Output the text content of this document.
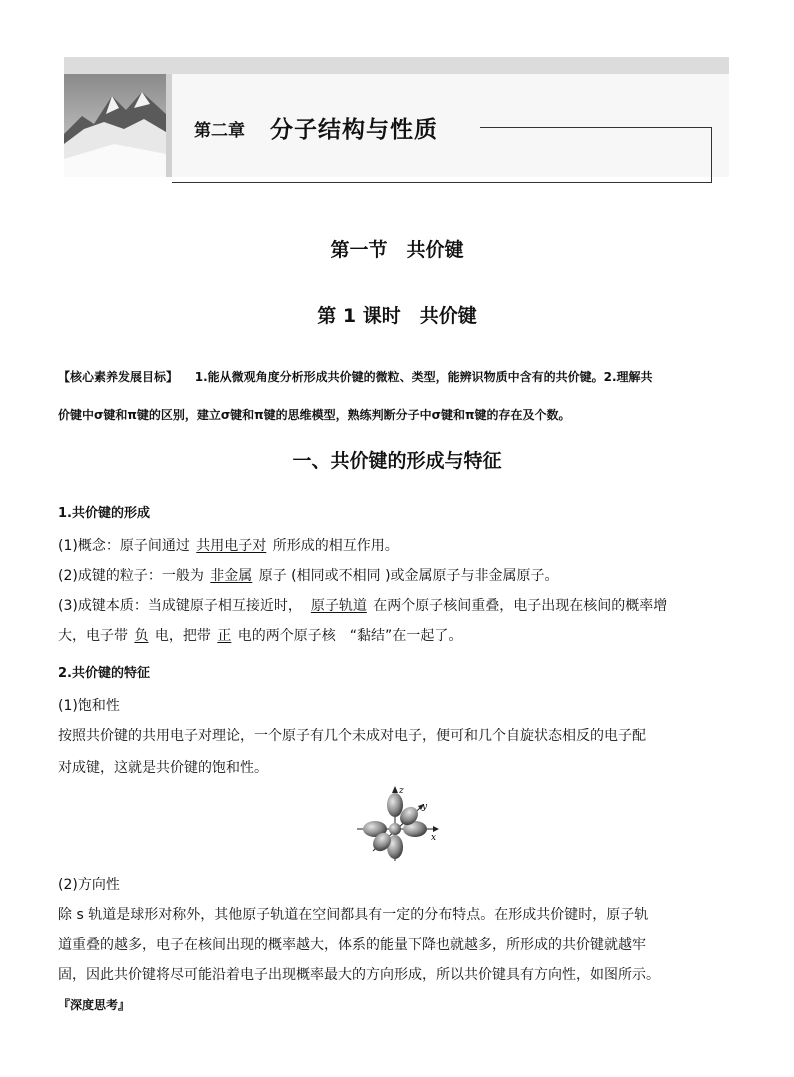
第二章 分子结构与性质
第一节　共价键
第 1 课时　共价键
【核心素养发展目标】 1.能从微观角度分析形成共价键的微粒、类型，能辨识物质中含有的共价键。2.理解共
价键中σ键和π键的区别，建立σ键和π键的思维模型，熟练判断分子中σ键和π键的存在及个数。
一、共价键的形成与特征
1.共价键的形成
(1)概念：原子间通过 共用电子对 所形成的相互作用。
(2)成键的粒子：一般为 非金属 原子 (相同或不相同 )或金属原子与非金属原子。
(3)成键本质：当成键原子相互接近时，　原子轨道 在两个原子核间重叠，电子出现在核间的概率增
大，电子带 负 电，把带 正 电的两个原子核　“黏结”在一起了。
2.共价键的特征
(1)饱和性
按照共价键的共用电子对理论，一个原子有几个未成对电子，便可和几个自旋状态相反的电子配
对成键，这就是共价键的饱和性。
z
y
x
(2)方向性
除 s 轨道是球形对称外，其他原子轨道在空间都具有一定的分布特点。在形成共价键时，原子轨
道重叠的越多，电子在核间出现的概率越大，体系的能量下降也就越多，所形成的共价键就越牢
固，因此共价键将尽可能沿着电子出现概率最大的方向形成，所以共价键具有方向性，如图所示。
『深度思考』
